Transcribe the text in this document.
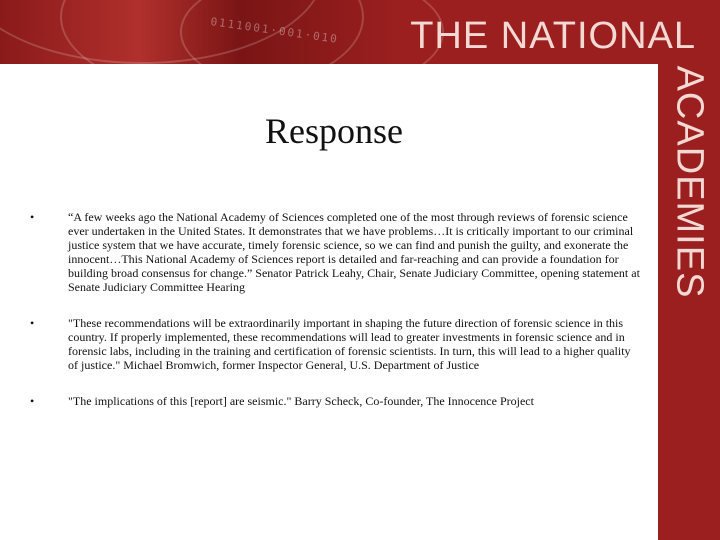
0111001·001·010 THE NATIONAL
ACADEMIES
Response
•	“A few weeks ago the National Academy of Sciences completed one of the most through reviews of forensic science ever undertaken in the United States. It demonstrates that we have problems…It is critically important to our criminal justice system that we have accurate, timely forensic science, so we can find and punish the guilty, and exonerate the innocent…This National Academy of Sciences report is detailed and far-reaching and can provide a foundation for building broad consensus for change.” Senator Patrick Leahy, Chair, Senate Judiciary Committee, opening statement at Senate Judiciary Committee Hearing
•	"These recommendations will be extraordinarily important in shaping the future direction of forensic science in this country. If properly implemented, these recommendations will lead to greater investments in forensic science and in forensic labs, including in the training and certification of forensic scientists. In turn, this will lead to a higher quality of justice." Michael Bromwich, former Inspector General, U.S. Department of Justice
•	"The implications of this [report] are seismic." Barry Scheck, Co-founder, The Innocence Project
